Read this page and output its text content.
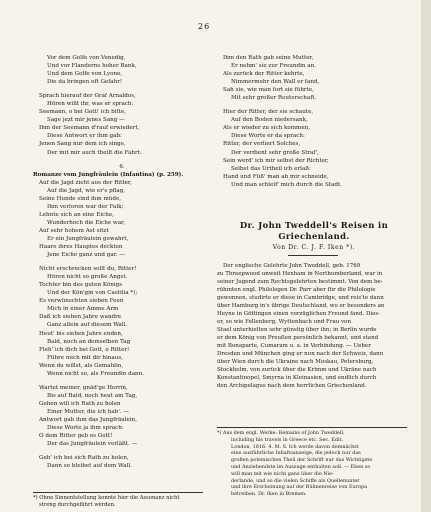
26
Vor dem Golfe von Venedig,
Und vor Flanderns hoher Bank,
Und dem Golfe von Lyone,
Die da bringen oft Gefahr!
Sprach hierauf der Graf Arnaldos,
Hören willt ihr, was er sprach:
Seemann, o bei Gott! ich bitte,
Sage jezt mir jenes Sang —
Ihm der Seemann d'rauf erwiedert,
Diese Antwort er ihm gab:
Jenen Sang nur dem ich singe,
Der mit mir auch theilt die Fahrt.
6.
Romanze vom Jungfräulein (Infantina) (p. 259).
Auf die Jagd zieht aus der Ritter,
Auf die Jagd, wie er's pflag,
Seine Hunde sind ihm müde,
Ihm verloren war der Falk;
Lehnte sich an eine Eiche,
Wunderhoch die Eiche war,
Auf sehr hohem Ast sitzt
Er ein Jungfräulein gewahrt,
Haare ihres Hauptes deckten
Jene Eiche ganz und gar. —
Nicht erschrecken sollt du, Ritter!
Hören nicht so große Angst.
Tochter bin des guten Königs
Und der Kön'gin von Castilia *);
Es verwünschten sieben Feen
Mich in einer Amme Arm
Daß ich sieben Jahre wandre
Ganz allein auf diesem Wall.
Heut' bis sieben Jahre enden,
Bald, noch an demselben Tag
Fleh' ich dich bei Gott, o Ritter!
Führe mich mit dir hinaus,
Wenn du willst, als Gemahlin,
Wenn nicht so, als Freundin dann.
Wartet meiner, gnäd'ge Herrin,
Bis auf Bald, noch heut am Tag,
Gehen will ich Rath zu holen
Einer Mutter, die ich hab'. —
Antwort gab ihm das Jungfräulein,
Diese Worte ja ihm sprach:
O dem Ritter geb es Gott!
Der das Jungfräulein verläßt. —
Geh' ich bei sich Rath zu holen,
Dann so bleibet auf dem Wall.
*) Ohne Sinnentstellung konnte hier die Assonanz nicht
streng durchgeführt werden.
Ihm den Rath gab seine Mutter,
Er nehm' sie zur Freundin an.
Als zurück der Ritter kehrte,
Nimmermehr den Wall er fand,
Sah sie, wie man fort sie führte,
Mit sehr großer Reuterschaft.
Hier der Ritter, der sie schaute,
Auf den Boden niedersank,
Als er wieder zu sich kommen,
Diese Worte er da sprach:
Ritter, der verliert Solches,
Der verdient sehr große Straf',
Sein werd' ich mir selbst der Richter,
Selbst das Urtheil ich erlaß:
Hand und Füß' man ab mir schneide,
Und man schleif' mich durch die Stadt.
Dr. John Tweddell's Reisen in
Griechenland.
Von Dr. C. J. F. Iken *).
Der englische Gelehrte John Tweddell, geb. 1769
zu Threepwood unweit Hexham in Northumberland, war in
seiner Jugend zum Rechtsgelehrten bestimmt. Von dem be-
rühmten engl. Philologen Dr. Parr aber für die Philologie
gewonnen, studirte er diese in Cambridge, und reis'te dann
über Hamburg in's übrige Deutschland, wo er besonders an
Heyne in Göttingen einen vorzüglichen Freund fand. Dies-
er, so wie Fellenberg, Wyttenbach und Frau von
Stael unterhielten sehr günstig über ihn; in Berlin wurde
er dem König von Preußen persönlich bekannt, und stand
mit Bonaparte, Cumaram u. a. in Verbindung. — Ueber
Dresden und München ging er nun nach der Schweiz, dann
über Wien durch die Ukraine nach Moskau, Petersburg,
Stockholm, von zurück über die Krimm und Ukräne nach
Konstantinopel, Smyrna in Kleinasien, und endlich durch
den Archipelagus nach dem herrlichen Griechenland.
*) Aus dem engl. Werke: Remains of John Tweddell,
including his travels in Greece etc. Sec. Edit.
London, 1816. 4. M. S. Ich werde davon demnächst
eine ausführliche Inhaltsanzeige, die jedoch nur das
großen polemischen Theil der Schrift nur das Wichtigste
und Anziehendste im Auszuge enthalten soll. — Eben so
will man mit wie nicht ganz über die Nie-
derlande, und so die vielen Schiffe als Quellenunter
und ihre Erscheinung auf der Bühnenreise von Europa
betreiben. Dr. Iken in Bremen.
